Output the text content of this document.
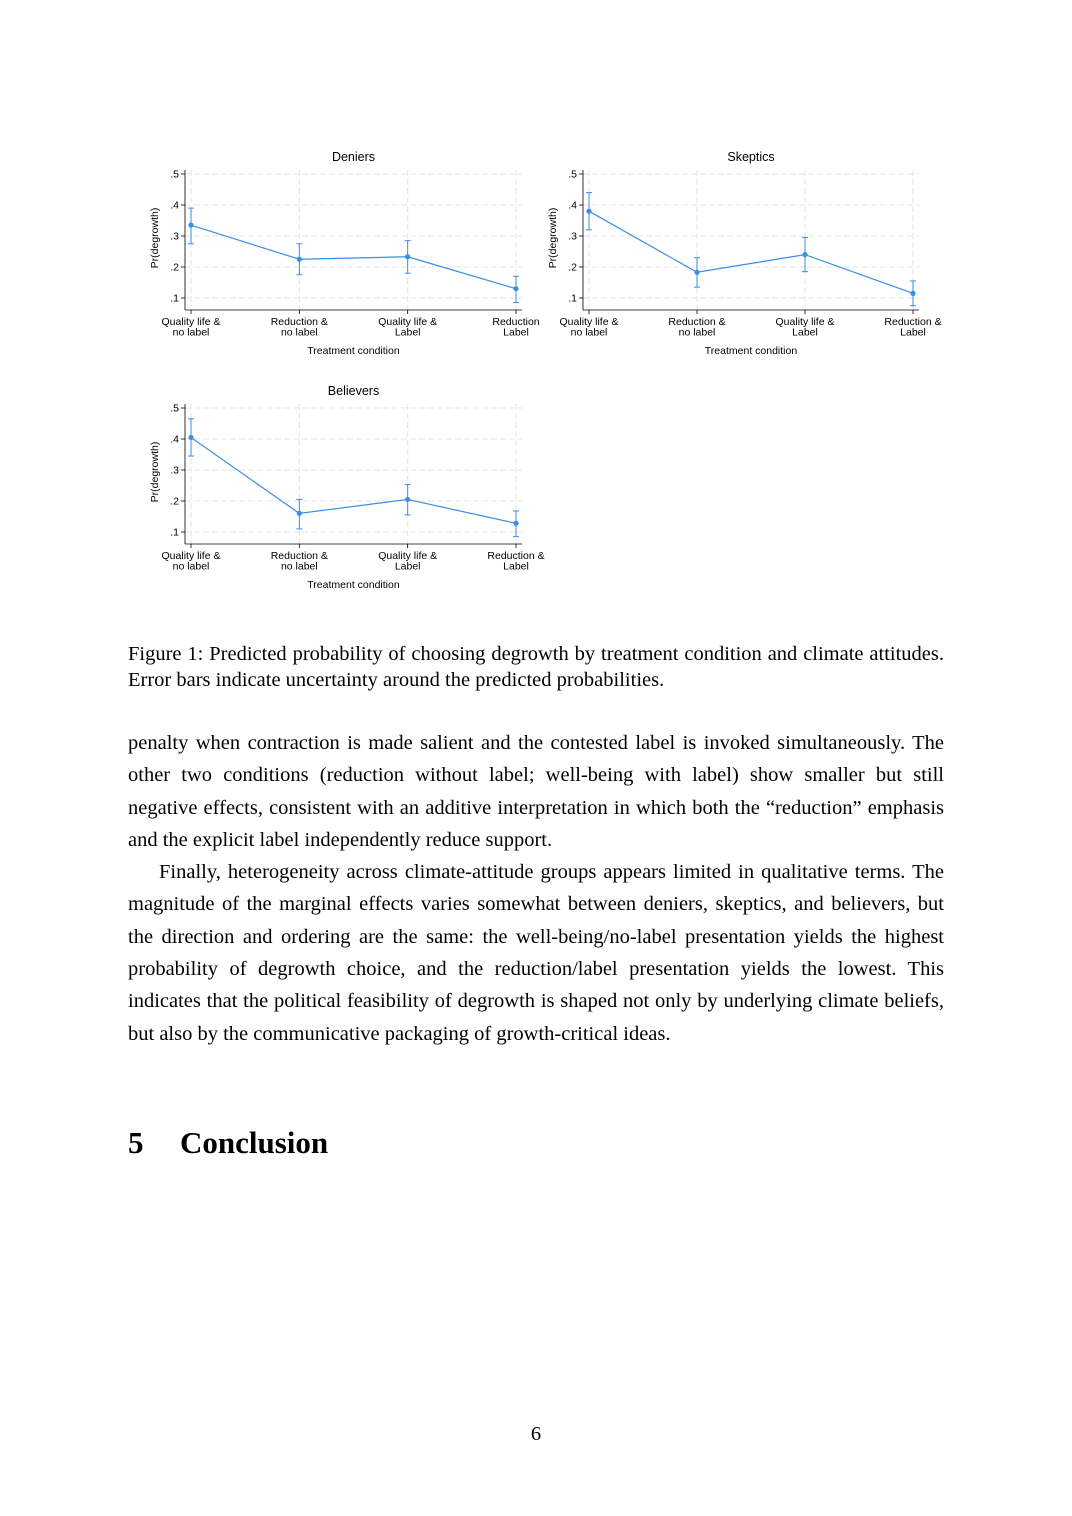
.1
.2
.3
.4
.5
Quality life &
no label
Reduction &
no label
Quality life &
Label
Reduction
Label
Deniers
Treatment condition
Pr(degrowth)
.1
.2
.3
.4
.5
Quality life &
no label
Reduction &
no label
Quality life &
Label
Reduction &
Label
Skeptics
Treatment condition
Pr(degrowth)
.1
.2
.3
.4
.5
Quality life &
no label
Reduction &
no label
Quality life &
Label
Reduction &
Label
Believers
Treatment condition
Pr(degrowth)

Figure 1: Predicted probability of choosing degrowth by treatment condition and climate attitudes. Error bars indicate uncertainty around the predicted probabilities.

penalty when contraction is made salient and the contested label is invoked simultaneously. The other two conditions (reduction without label; well-being with label) show smaller but still negative effects, consistent with an additive interpretation in which both the “reduction” emphasis and the explicit label independently reduce support.

Finally, heterogeneity across climate-attitude groups appears limited in qualitative terms. The magnitude of the marginal effects varies somewhat between deniers, skeptics, and believers, but the direction and ordering are the same: the well-being/no-label presentation yields the highest probability of degrowth choice, and the reduction/label presentation yields the lowest. This indicates that the political feasibility of degrowth is shaped not only by underlying climate beliefs, but also by the communicative packaging of growth-critical ideas.

5 Conclusion
6
